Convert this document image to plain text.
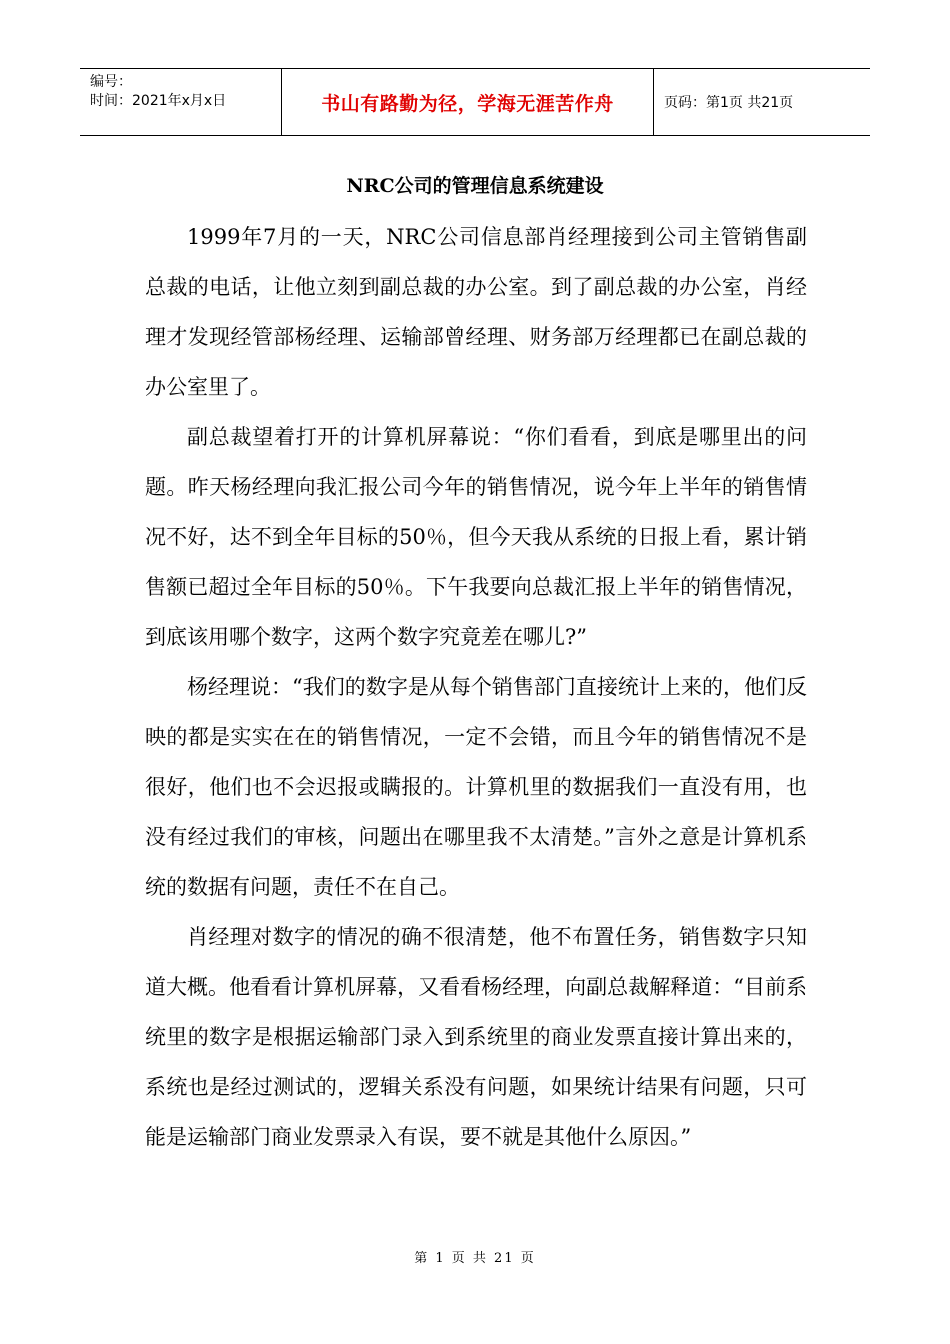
编号：
时间：2021年x月x日	书山有路勤为径，学海无涯苦作舟	页码：第1页 共21页
NRC公司的管理信息系统建设

1999年7月的一天，NRC公司信息部肖经理接到公司主管销售副总裁的电话，让他立刻到副总裁的办公室。到了副总裁的办公室，肖经理才发现经管部杨经理、运输部曾经理、财务部万经理都已在副总裁的办公室里了。

副总裁望着打开的计算机屏幕说：“你们看看，到底是哪里出的问题。昨天杨经理向我汇报公司今年的销售情况，说今年上半年的销售情况不好，达不到全年目标的50％，但今天我从系统的日报上看，累计销售额已超过全年目标的50％。下午我要向总裁汇报上半年的销售情况，到底该用哪个数字，这两个数字究竟差在哪儿?”

杨经理说：“我们的数字是从每个销售部门直接统计上来的，他们反映的都是实实在在的销售情况，一定不会错，而且今年的销售情况不是很好，他们也不会迟报或瞒报的。计算机里的数据我们一直没有用，也没有经过我们的审核，问题出在哪里我不太清楚。”言外之意是计算机系统的数据有问题，责任不在自己。

肖经理对数字的情况的确不很清楚，他不布置任务，销售数字只知道大概。他看看计算机屏幕，又看看杨经理，向副总裁解释道：“目前系统里的数字是根据运输部门录入到系统里的商业发票直接计算出来的，系统也是经过测试的，逻辑关系没有问题，如果统计结果有问题，只可能是运输部门商业发票录入有误，要不就是其他什么原因。”

第 1 页 共 21 页
